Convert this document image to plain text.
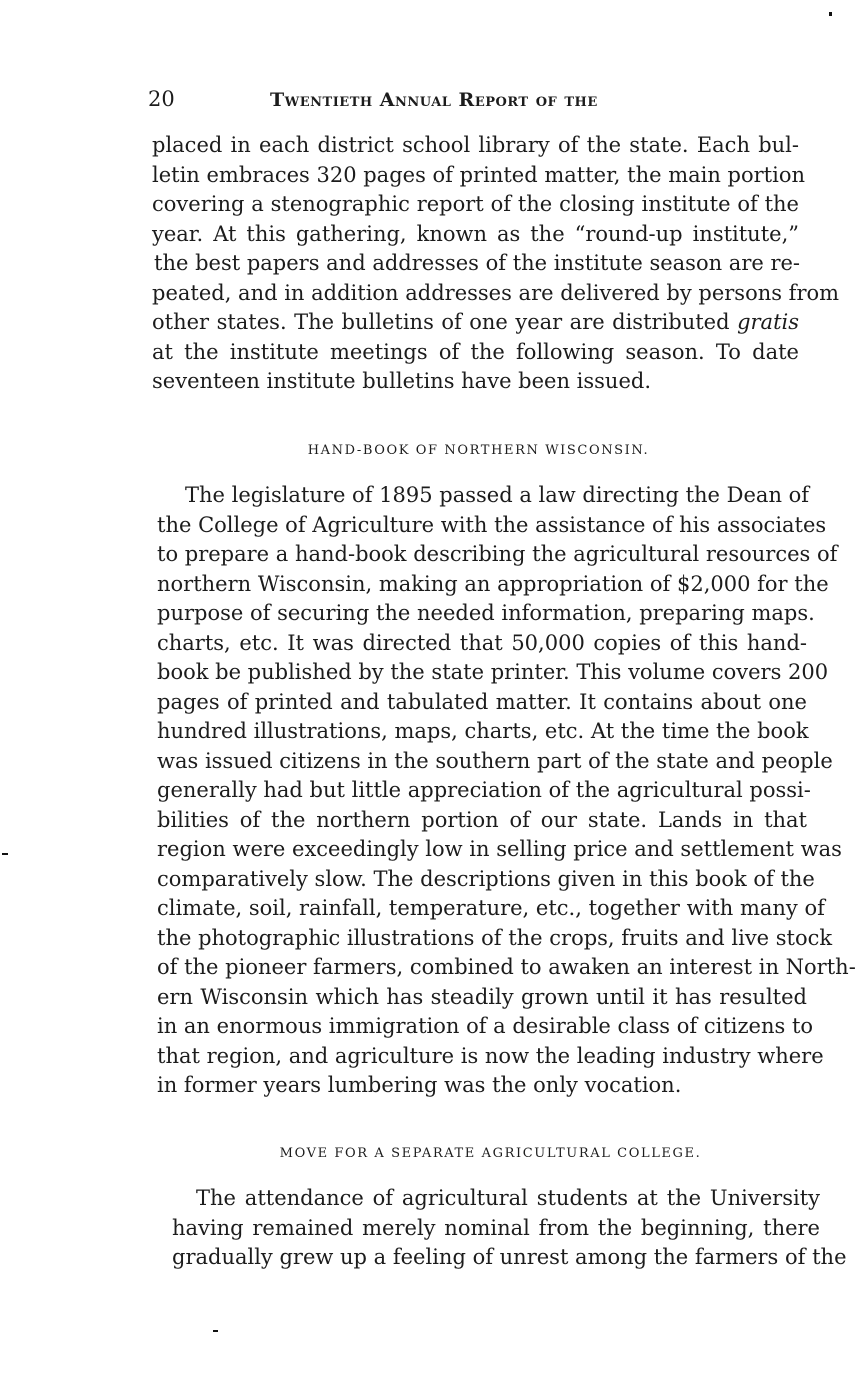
20	Twentieth Annual Report of the
placed in each district school library of the state. Each bul-
letin embraces 320 pages of printed matter, the main portion
covering a stenographic report of the closing institute of the
year. At this gathering, known as the “round-up institute,”
the best papers and addresses of the institute season are re-
peated, and in addition addresses are delivered by persons from
other states. The bulletins of one year are distributed gratis
at the institute meetings of the following season. To date
seventeen institute bulletins have been issued.
HAND-BOOK OF NORTHERN WISCONSIN.
The legislature of 1895 passed a law directing the Dean of
the College of Agriculture with the assistance of his associates
to prepare a hand-book describing the agricultural resources of
northern Wisconsin, making an appropriation of $2,000 for the
purpose of securing the needed information, preparing maps.
charts, etc. It was directed that 50,000 copies of this hand-
book be published by the state printer. This volume covers 200
pages of printed and tabulated matter. It contains about one
hundred illustrations, maps, charts, etc. At the time the book
was issued citizens in the southern part of the state and people
generally had but little appreciation of the agricultural possi-
bilities of the northern portion of our state. Lands in that
region were exceedingly low in selling price and settlement was
comparatively slow. The descriptions given in this book of the
climate, soil, rainfall, temperature, etc., together with many of
the photographic illustrations of the crops, fruits and live stock
of the pioneer farmers, combined to awaken an interest in North-
ern Wisconsin which has steadily grown until it has resulted
in an enormous immigration of a desirable class of citizens to
that region, and agriculture is now the leading industry where
in former years lumbering was the only vocation.
MOVE FOR A SEPARATE AGRICULTURAL COLLEGE.
The attendance of agricultural students at the University
having remained merely nominal from the beginning, there
gradually grew up a feeling of unrest among the farmers of the
